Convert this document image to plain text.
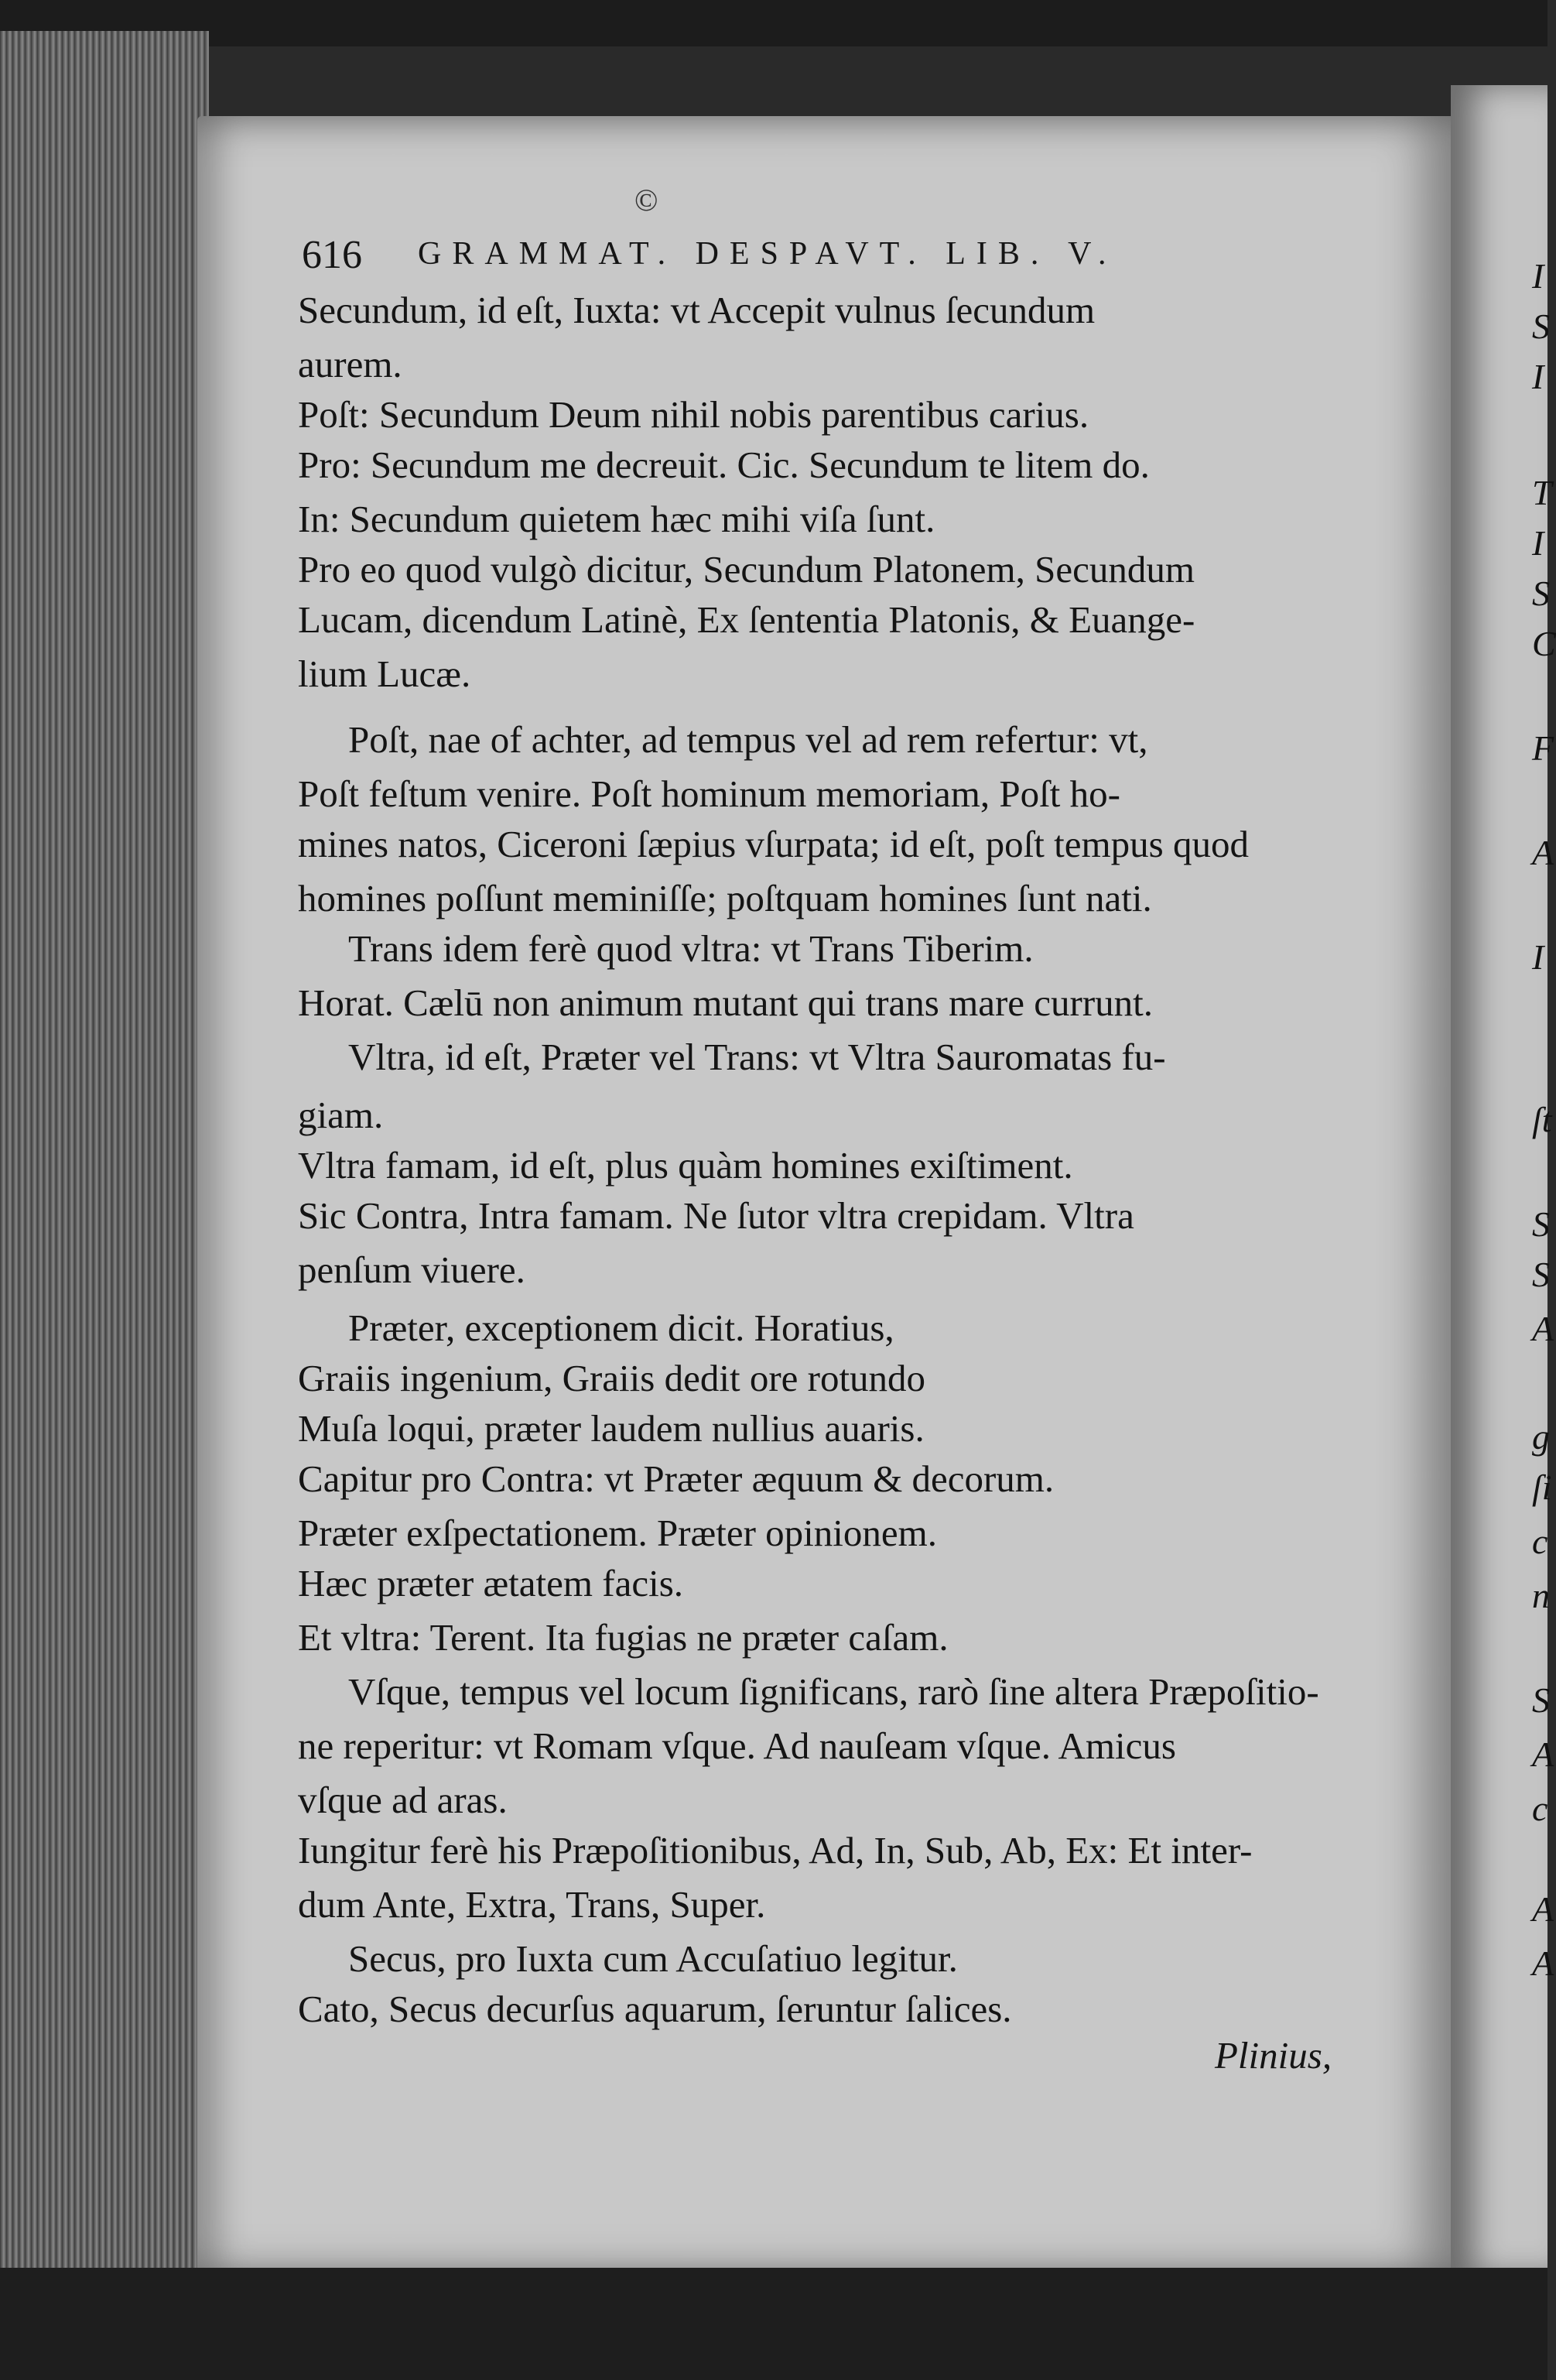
©
616 GRAMMAT. DESPAVT. LIB. V.
Secundum, id eſt, Iuxta: vt Accepit vulnus ſecundum
aurem.
Poſt: Secundum Deum nihil nobis parentibus carius.
Pro: Secundum me decreuit. Cic. Secundum te litem do.
In: Secundum quietem hæc mihi viſa ſunt.
Pro eo quod vulgò dicitur, Secundum Platonem, Secundum
Lucam, dicendum Latinè, Ex ſententia Platonis, & Euange-
lium Lucæ.
Poſt, nae of achter, ad tempus vel ad rem refertur: vt,
Poſt feſtum venire. Poſt hominum memoriam, Poſt ho-
mines natos, Ciceroni ſæpius vſurpata; id eſt, poſt tempus quod
homines poſſunt meminiſſe; poſtquam homines ſunt nati.
Trans idem ferè quod vltra: vt Trans Tiberim.
Horat. Cælū non animum mutant qui trans mare currunt.
Vltra, id eſt, Præter vel Trans: vt Vltra Sauromatas fu-
giam.
Vltra famam, id eſt, plus quàm homines exiſtiment.
Sic Contra, Intra famam. Ne ſutor vltra crepidam. Vltra
penſum viuere.
Præter, exceptionem dicit. Horatius,
Graiis ingenium, Graiis dedit ore rotundo
Muſa loqui, præter laudem nullius auaris.
Capitur pro Contra: vt Præter æquum & decorum.
Præter exſpectationem. Præter opinionem.
Hæc præter ætatem facis.
Et vltra: Terent. Ita fugias ne præter caſam.
Vſque, tempus vel locum ſignificans, rarò ſine altera Præpoſitio-
ne reperitur: vt Romam vſque. Ad nauſeam vſque. Amicus
vſque ad aras.
Iungitur ferè his Præpoſitionibus, Ad, In, Sub, Ab, Ex: Et inter-
dum Ante, Extra, Trans, Super.
Secus, pro Iuxta cum Accuſatiuo legitur.
Cato, Secus decurſus aquarum, ſeruntur ſalices.
Plinius,
I
S
I
T
I
S
C
F
A
I
ſt
S
S
A
g
ſi
c
n
S
A
c
A
A
